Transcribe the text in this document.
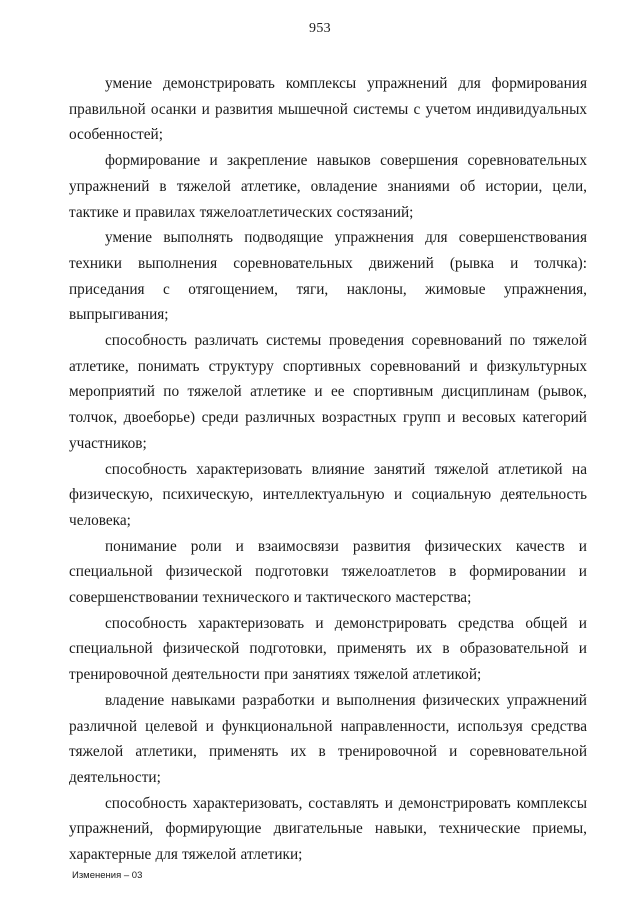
953

умение демонстрировать комплексы упражнений для формирования правильной осанки и развития мышечной системы с учетом индивидуальных особенностей;

формирование и закрепление навыков совершения соревновательных упражнений в тяжелой атлетике, овладение знаниями об истории, цели, тактике и правилах тяжелоатлетических состязаний;

умение выполнять подводящие упражнения для совершенствования техники выполнения соревновательных движений (рывка и толчка): приседания с отягощением, тяги, наклоны, жимовые упражнения, выпрыгивания;

способность различать системы проведения соревнований по тяжелой атлетике, понимать структуру спортивных соревнований и физкультурных мероприятий по тяжелой атлетике и ее спортивным дисциплинам (рывок, толчок, двоеборье) среди различных возрастных групп и весовых категорий участников;

способность характеризовать влияние занятий тяжелой атлетикой на физическую, психическую, интеллектуальную и социальную деятельность человека;

понимание роли и взаимосвязи развития физических качеств и специальной физической подготовки тяжелоатлетов в формировании и совершенствовании технического и тактического мастерства;

способность характеризовать и демонстрировать средства общей и специальной физической подготовки, применять их в образовательной и тренировочной деятельности при занятиях тяжелой атлетикой;

владение навыками разработки и выполнения физических упражнений различной целевой и функциональной направленности, используя средства тяжелой атлетики, применять их в тренировочной и соревновательной деятельности;

способность характеризовать, составлять и демонстрировать комплексы упражнений, формирующие двигательные навыки, технические приемы, характерные для тяжелой атлетики;

Изменения – 03
